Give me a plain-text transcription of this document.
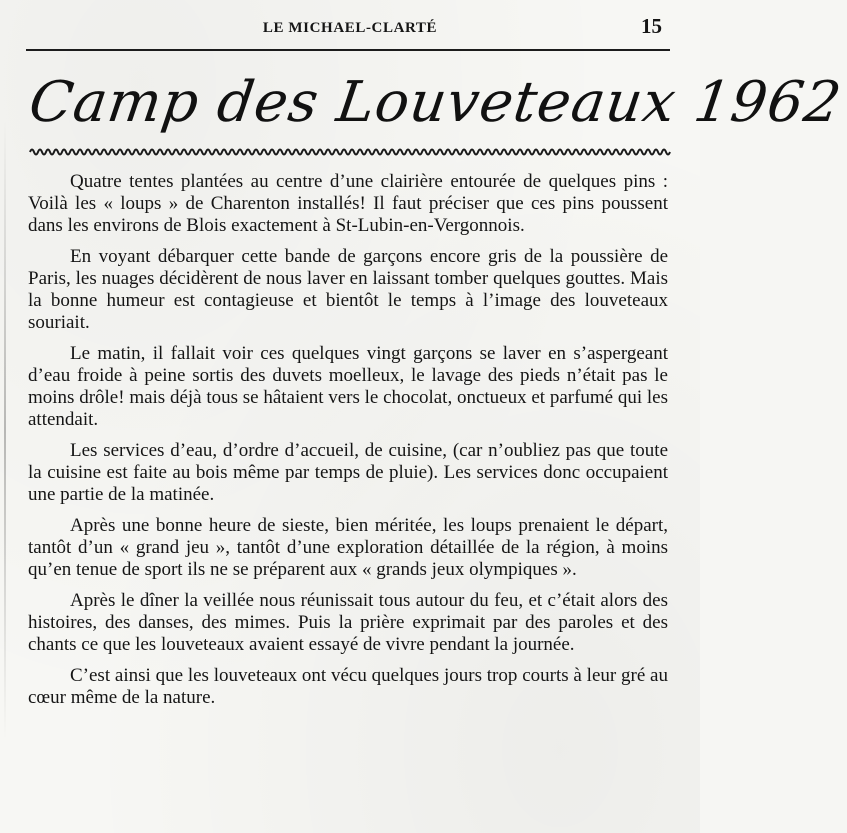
LE MICHAEL-CLARTÉ	15
Camp des Louveteaux 1962

Quatre tentes plantées au centre d’une clairière entourée de quelques pins : Voilà les « loups » de Charenton installés! Il faut préciser que ces pins poussent dans les environs de Blois exactement à St-Lubin-en-Vergonnois.

En voyant débarquer cette bande de garçons encore gris de la poussière de Paris, les nuages décidèrent de nous laver en laissant tomber quelques gouttes. Mais la bonne humeur est contagieuse et bientôt le temps à l’image des louveteaux souriait.

Le matin, il fallait voir ces quelques vingt garçons se laver en s’aspergeant d’eau froide à peine sortis des duvets moelleux, le lavage des pieds n’était pas le moins drôle! mais déjà tous se hâtaient vers le chocolat, onctueux et parfumé qui les attendait.

Les services d’eau, d’ordre d’accueil, de cuisine, (car n’oubliez pas que toute la cuisine est faite au bois même par temps de pluie). Les services donc occupaient une partie de la matinée.

Après une bonne heure de sieste, bien méritée, les loups prenaient le départ, tantôt d’un « grand jeu », tantôt d’une exploration détaillée de la région, à moins qu’en tenue de sport ils ne se préparent aux « grands jeux olympiques ».

Après le dîner la veillée nous réunissait tous autour du feu, et c’était alors des histoires, des danses, des mimes. Puis la prière exprimait par des paroles et des chants ce que les louveteaux avaient essayé de vivre pendant la journée.

C’est ainsi que les louveteaux ont vécu quelques jours trop courts à leur gré au cœur même de la nature.
